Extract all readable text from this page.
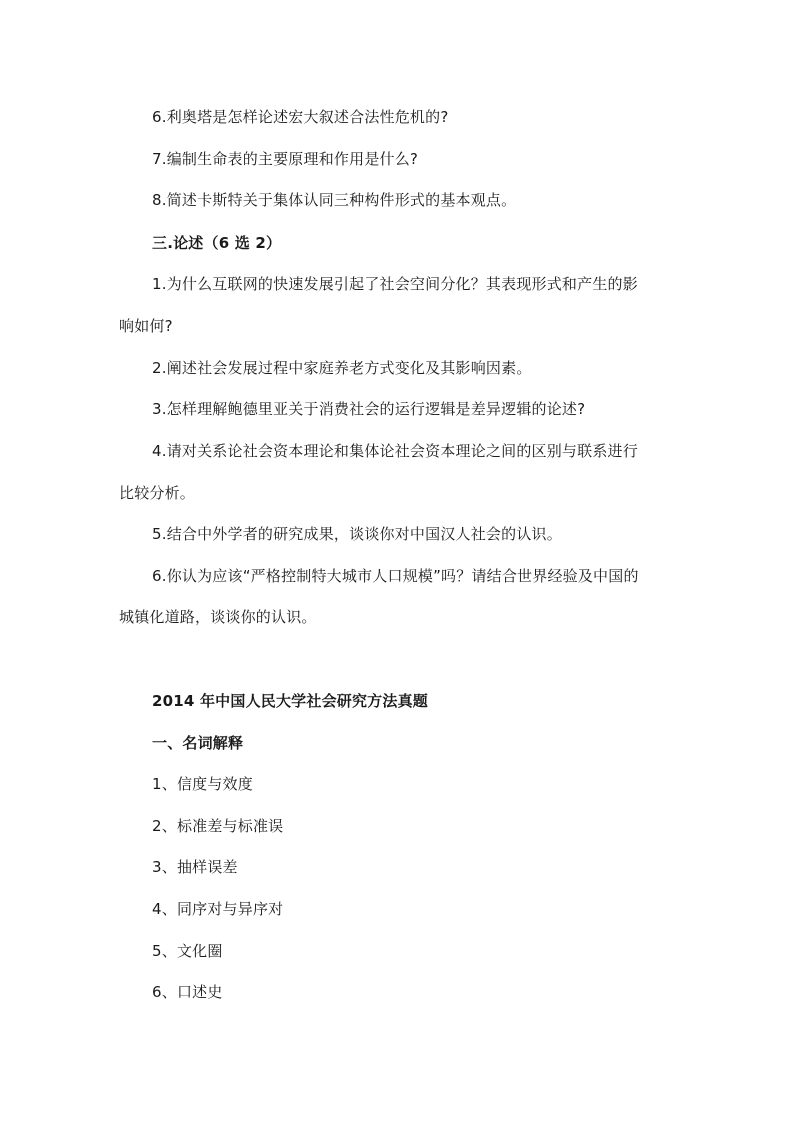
6.利奥塔是怎样论述宏大叙述合法性危机的?
7.编制生命表的主要原理和作用是什么?
8.简述卡斯特关于集体认同三种构件形式的基本观点。
三.论述（6 选 2）
1.为什么互联网的快速发展引起了社会空间分化？其表现形式和产生的影
响如何?
2.阐述社会发展过程中家庭养老方式变化及其影响因素。
3.怎样理解鲍德里亚关于消费社会的运行逻辑是差异逻辑的论述?
4.请对关系论社会资本理论和集体论社会资本理论之间的区别与联系进行
比较分析。
5.结合中外学者的研究成果，谈谈你对中国汉人社会的认识。
6.你认为应该“严格控制特大城市人口规模”吗？请结合世界经验及中国的
城镇化道路，谈谈你的认识。
2014 年中国人民大学社会研究方法真题
一、名词解释
1、信度与效度
2、标准差与标准误
3、抽样误差
4、同序对与异序对
5、文化圈
6、口述史
